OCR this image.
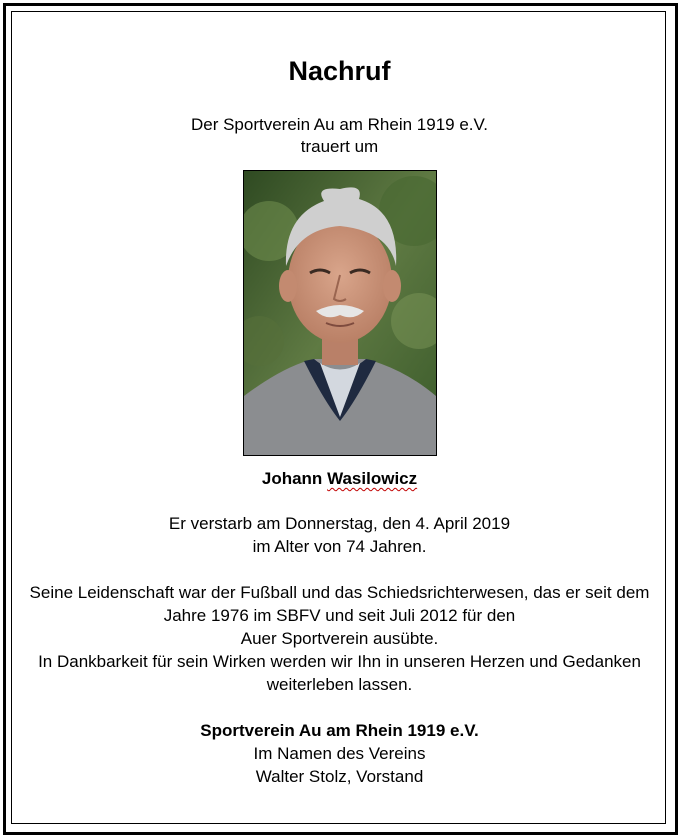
Nachruf
Der Sportverein Au am Rhein 1919 e.V.
trauert um
Johann Wasilowicz
Er verstarb am Donnerstag, den 4. April 2019
im Alter von 74 Jahren.
Seine Leidenschaft war der Fußball und das Schiedsrichterwesen, das er seit dem
Jahre 1976 im SBFV und seit Juli 2012 für den
Auer Sportverein ausübte.
In Dankbarkeit für sein Wirken werden wir Ihn in unseren Herzen und Gedanken
weiterleben lassen.
Sportverein Au am Rhein 1919 e.V.
Im Namen des Vereins
Walter Stolz, Vorstand
